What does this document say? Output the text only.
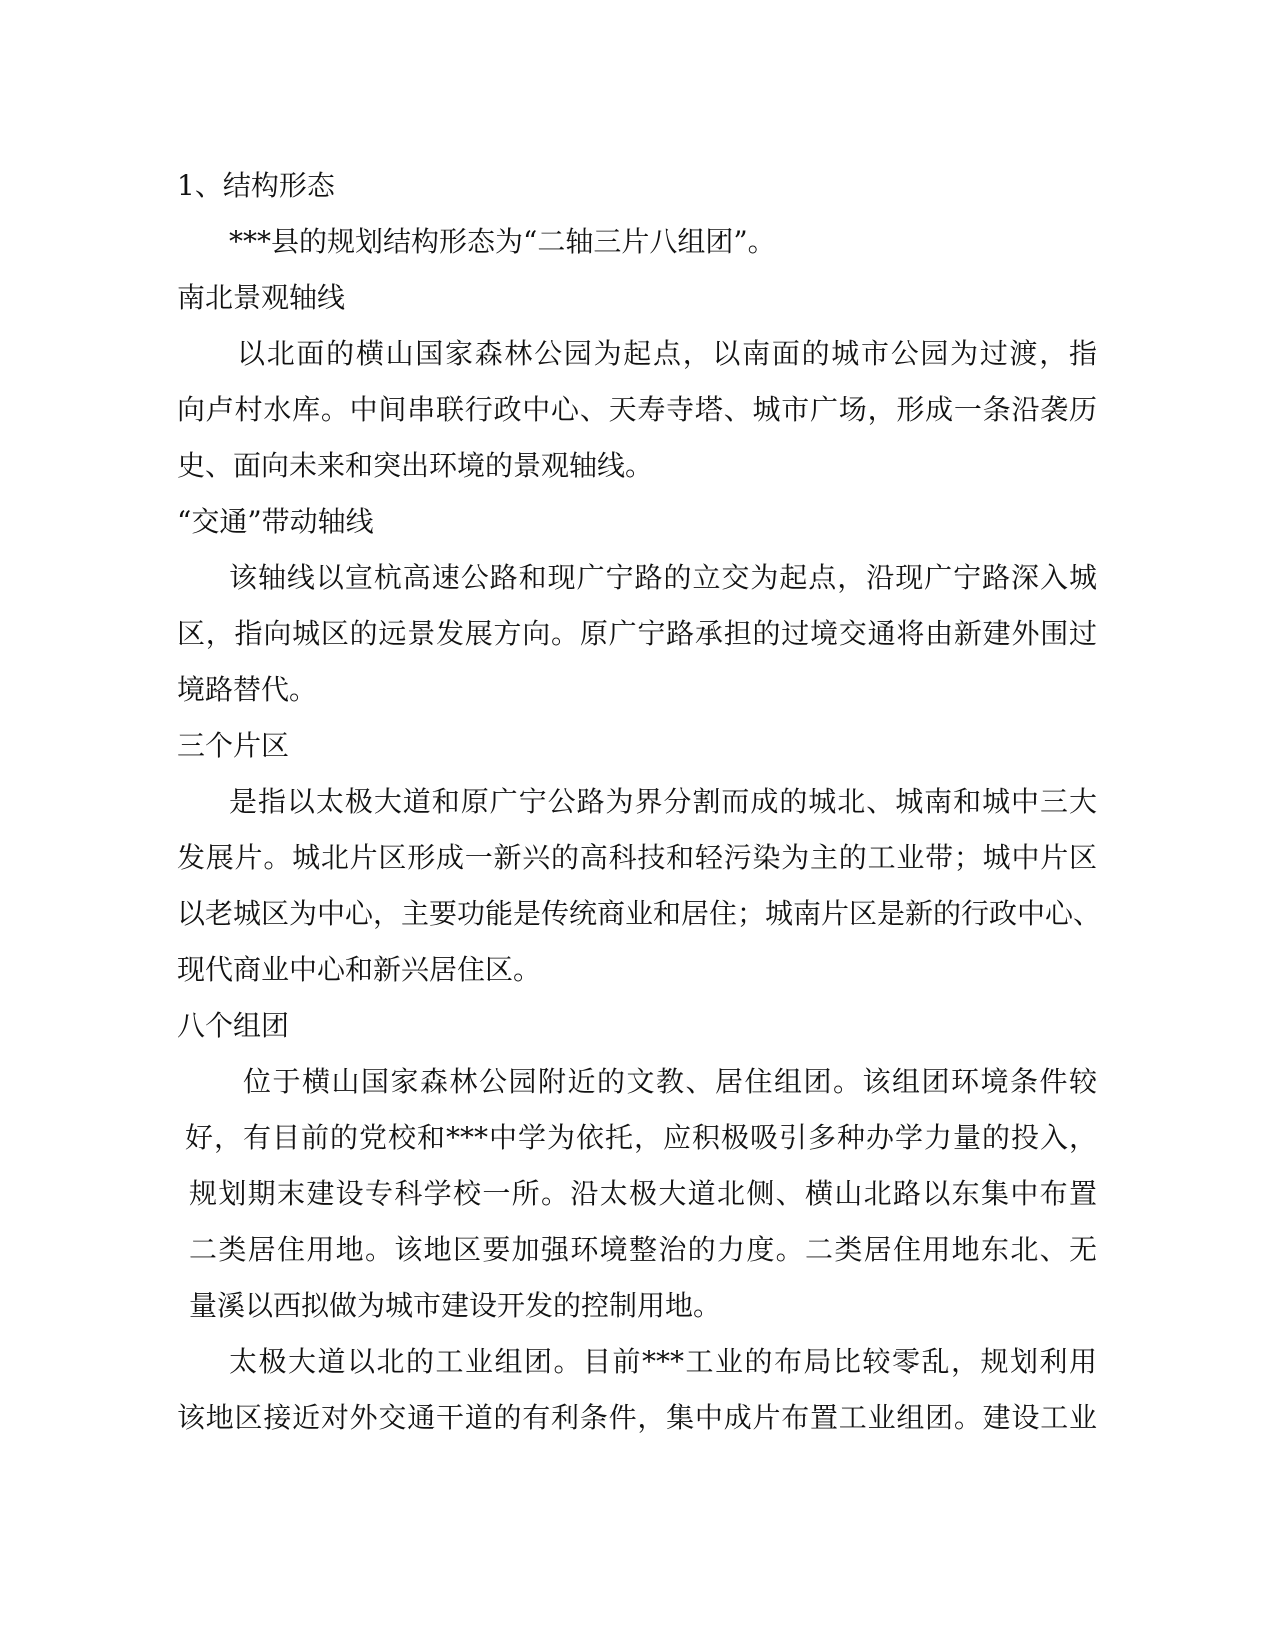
1、结构形态
***县的规划结构形态为“二轴三片八组团”。
南北景观轴线
以北面的横山国家森林公园为起点，以南面的城市公园为过渡，指
向卢村水库。中间串联行政中心、天寿寺塔、城市广场，形成一条沿袭历
史、面向未来和突出环境的景观轴线。
“交通”带动轴线
该轴线以宣杭高速公路和现广宁路的立交为起点，沿现广宁路深入城
区，指向城区的远景发展方向。原广宁路承担的过境交通将由新建外围过
境路替代。
三个片区
是指以太极大道和原广宁公路为界分割而成的城北、城南和城中三大
发展片。城北片区形成一新兴的高科技和轻污染为主的工业带；城中片区
以老城区为中心，主要功能是传统商业和居住；城南片区是新的行政中心、
现代商业中心和新兴居住区。
八个组团
位于横山国家森林公园附近的文教、居住组团。该组团环境条件较
好，有目前的党校和***中学为依托，应积极吸引多种办学力量的投入，
规划期末建设专科学校一所。沿太极大道北侧、横山北路以东集中布置
二类居住用地。该地区要加强环境整治的力度。二类居住用地东北、无
量溪以西拟做为城市建设开发的控制用地。
太极大道以北的工业组团。目前***工业的布局比较零乱，规划利用
该地区接近对外交通干道的有利条件，集中成片布置工业组团。建设工业
